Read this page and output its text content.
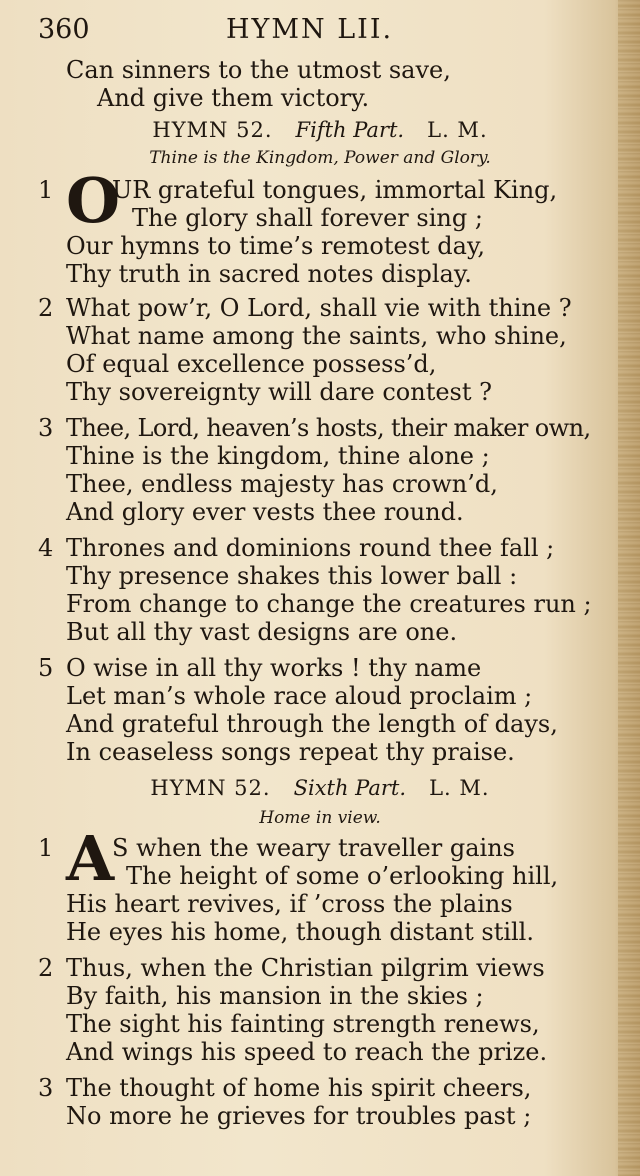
360	HYMN LII.
Can sinners to the utmost save,
And give them victory.
HYMN 52. Fifth Part. L. M.
Thine is the Kingdom, Power and Glory.
1 O
UR grateful tongues, immortal King,
The glory shall forever sing ;
Our hymns to time’s remotest day,
Thy truth in sacred notes display.
2 What pow’r, O Lord, shall vie with thine ?
What name among the saints, who shine,
Of equal excellence possess’d,
Thy sovereignty will dare contest ?
3 Thee, Lord, heaven’s hosts, their maker own,
Thine is the kingdom, thine alone ;
Thee, endless majesty has crown’d,
And glory ever vests thee round.
4 Thrones and dominions round thee fall ;
Thy presence shakes this lower ball :
From change to change the creatures run ;
But all thy vast designs are one.
5 O wise in all thy works ! thy name
Let man’s whole race aloud proclaim ;
And grateful through the length of days,
In ceaseless songs repeat thy praise.
HYMN 52. Sixth Part. L. M.
Home in view.
1 A
S when the weary traveller gains
The height of some o’erlooking hill,
His heart revives, if ’cross the plains
He eyes his home, though distant still.
2 Thus, when the Christian pilgrim views
By faith, his mansion in the skies ;
The sight his fainting strength renews,
And wings his speed to reach the prize.
3 The thought of home his spirit cheers,
No more he grieves for troubles past ;
